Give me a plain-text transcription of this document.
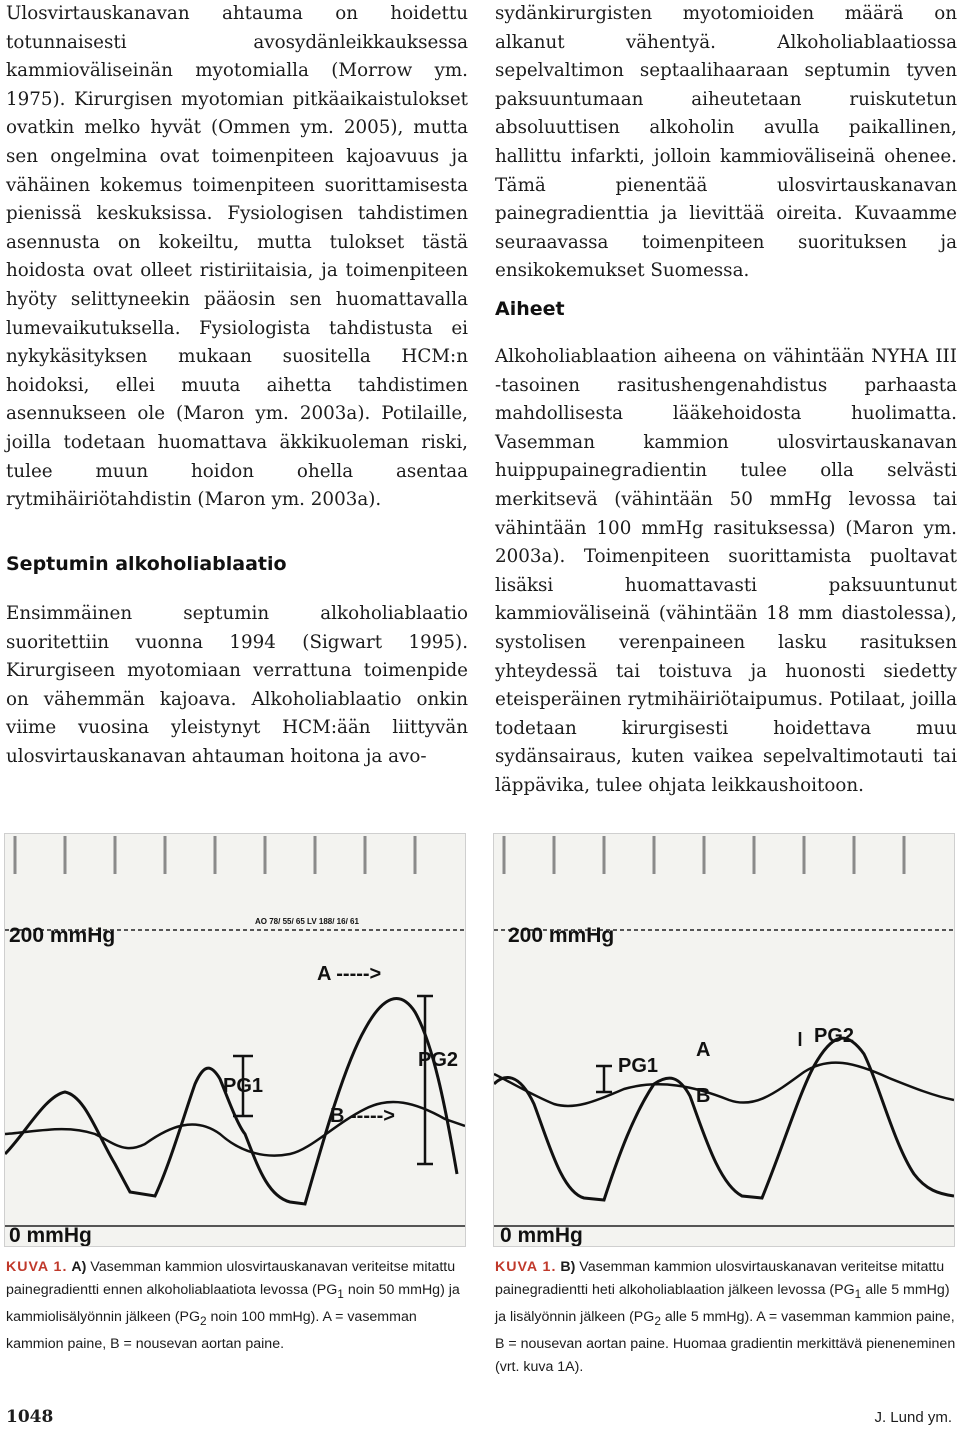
Ulosvirtauskanavan ahtauma on hoidettu totunnaisesti avosydänleikkauksessa kammioväliseinän myotomialla (Morrow ym. 1975). Kirurgisen myotomian pitkäaikaistulokset ovatkin melko hyvät (Ommen ym. 2005), mutta sen ongelmina ovat toimenpiteen kajoavuus ja vähäinen kokemus toimenpiteen suorittamisesta pienissä keskuksissa. Fysiologisen tahdistimen asennusta on kokeiltu, mutta tulokset tästä hoidosta ovat olleet ristiriitaisia, ja toimenpiteen hyöty selittyneekin pääosin sen huomattavalla lumevaikutuksella. Fysiologista tahdistusta ei nykykäsityksen mukaan suositella HCM:n hoidoksi, ellei muuta aihetta tahdistimen asennukseen ole (Maron ym. 2003a). Potilaille, joilla todetaan huomattava äkkikuoleman riski, tulee muun hoidon ohella asentaa rytmihäiriötahdistin (Maron ym. 2003a).

Septumin alkoholiablaatio

Ensimmäinen septumin alkoholiablaatio suoritettiin vuonna 1994 (Sigwart 1995). Kirurgiseen myotomiaan verrattuna toimenpide on vähemmän kajoava. Alkoholiablaatio onkin viime vuosina yleistynyt HCM:ään liittyvän ulosvirtauskanavan ahtauman hoitona ja avo-

sydänkirurgisten myotomioiden määrä on alkanut vähentyä. Alkoholiablaatiossa sepelvaltimon septaalihaaraan septumin tyven paksuuntumaan aiheutetaan ruiskutetun absoluuttisen alkoholin avulla paikallinen, hallittu infarkti, jolloin kammioväliseinä ohenee. Tämä pienentää ulosvirtauskanavan painegradienttia ja lievittää oireita. Kuvaamme seuraavassa toimenpiteen suorituksen ja ensikokemukset Suomessa.

Aiheet

Alkoholiablaation aiheena on vähintään NYHA III -tasoinen rasitushengenahdistus parhaasta mahdollisesta lääkehoidosta huolimatta. Vasemman kammion ulosvirtauskanavan huippupainegradientin tulee olla selvästi merkitsevä (vähintään 50 mmHg levossa tai vähintään 100 mmHg rasituksessa) (Maron ym. 2003a). Toimenpiteen suorittamista puoltavat lisäksi huomattavasti paksuuntunut kammioväliseinä (vähintään 18 mm diastolessa), systolisen verenpaineen lasku rasituksen yhteydessä tai toistuva ja huonosti siedetty eteisperäinen rytmihäiriötaipumus. Potilaat, joilla todetaan kirurgisesti hoidettava muu sydänsairaus, kuten vaikea sepelvaltimotauti tai läppävika, tulee ohjata leikkaushoitoon.

200 mmHg
0 mmHg
AO 78/ 55/ 65 LV 188/ 16/ 61
A ----->
B ----->
PG1
PG2
200 mmHg
0 mmHg
A
B
PG1
PG2

KUVA 1. A) Vasemman kammion ulosvirtauskanavan veriteitse mitattu painegradientti ennen alkoholiablaatiota levossa ($PG_1$ noin 50 mmHg) ja kammiolisälyönnin jälkeen ($PG_2$ noin 100 mmHg). A = vasemman kammion paine, B = nousevan aortan paine.

KUVA 1. B) Vasemman kammion ulosvirtauskanavan veriteitse mitattu painegradientti heti alkoholiablaation jälkeen levossa ($PG_1$ alle 5 mmHg) ja lisälyönnin jälkeen ($PG_2$ alle 5 mmHg). A = vasemman kammion paine, B = nousevan aortan paine. Huomaa gradientin merkittävä pieneneminen (vrt. kuva 1A).

1048	J. Lund ym.
